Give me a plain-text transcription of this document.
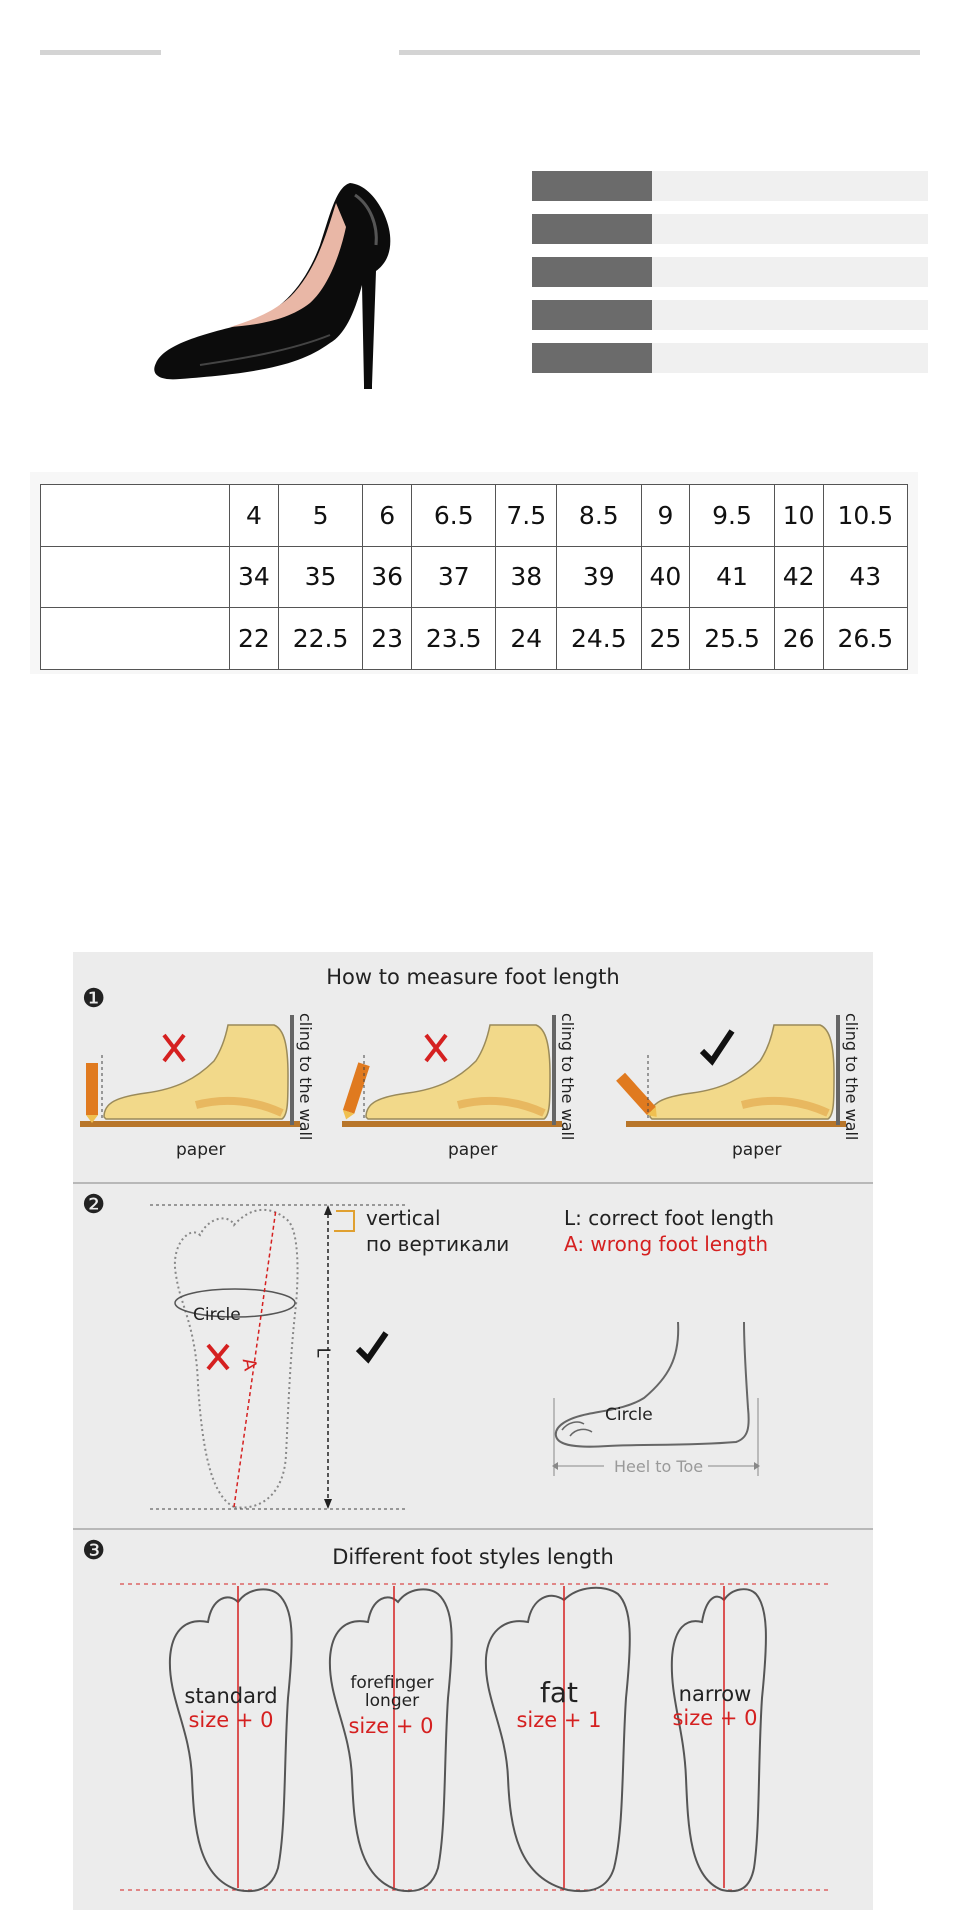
	4	5	6	6.5	7.5	8.5	9	9.5	10	10.5
	34	35	36	37	38	39	40	41	42	43
	22	22.5	23	23.5	24	24.5	25	25.5	26	26.5
How to measure foot length
❶
cling to the wall	cling to the wall	cling to the wall
paper	paper	paper
❷	vertical
по вертикали
L: correct foot length
A: wrong foot length
Circle
L
A
Circle
Heel to Toe
❸	Different foot styles length
standard
size + 0
forefinger longer
size + 0
fat
size + 1
narrow
size + 0
